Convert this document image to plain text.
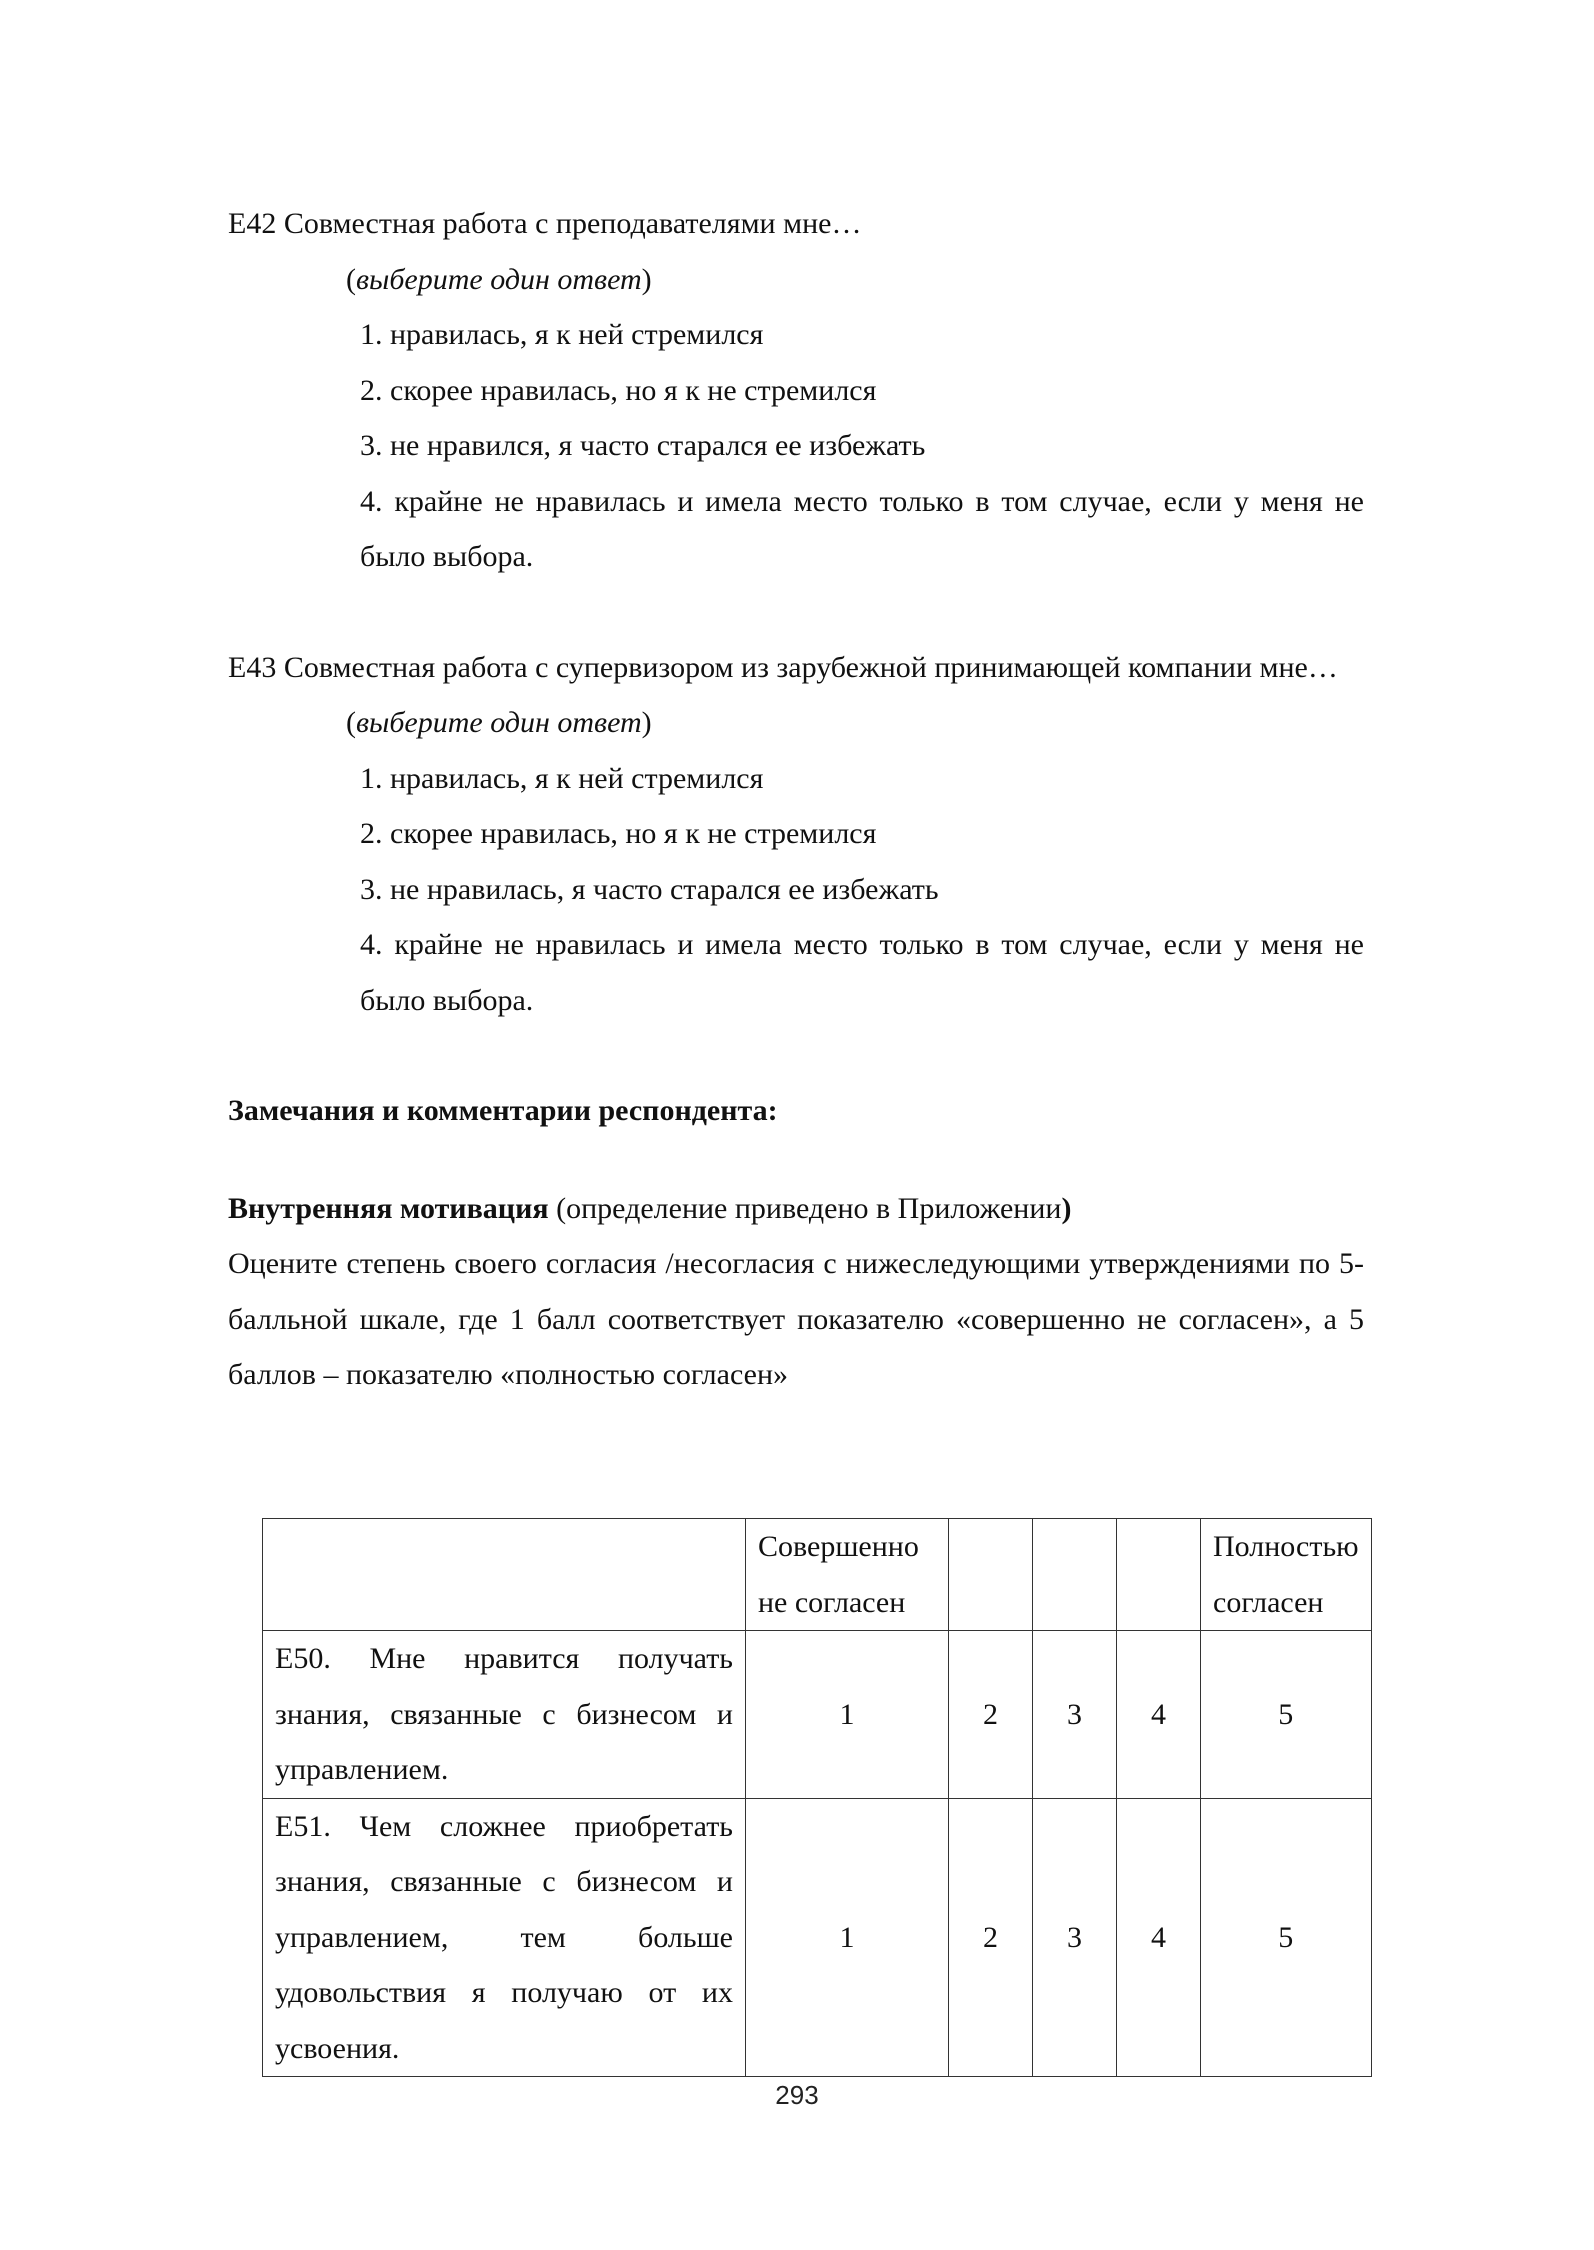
E42 Совместная работа с преподавателями мне…

(выберите один ответ)

1. нравилась, я к ней стремился

2. скорее нравилась, но я к не стремился

3. не нравился, я часто старался ее избежать

4. крайне не нравилась и имела место только в том случае, если у меня не было выбора.

E43 Совместная работа с супервизором из зарубежной принимающей компании мне…

(выберите один ответ)

1. нравилась, я к ней стремился

2. скорее нравилась, но я к не стремился

3. не нравилась, я часто старался ее избежать

4. крайне не нравилась и имела место только в том случае, если у меня не было выбора.

Замечания и комментарии респондента:

Внутренняя мотивация (определение приведено в Приложении)

Оцените степень своего согласия /несогласия с нижеследующими утверждениями по 5-балльной шкале, где 1 балл соответствует показателю «совершенно не согласен», а 5 баллов – показателю «полностью согласен»

	Совершенно не согласен				Полностью согласен
E50. Мне нравится получать знания, связанные с бизнесом и управлением.	1	2	3	4	5
E51. Чем сложнее приобретать знания, связанные с бизнесом и управлением, тем больше удовольствия я получаю от их усвоения.	1	2	3	4	5
293
